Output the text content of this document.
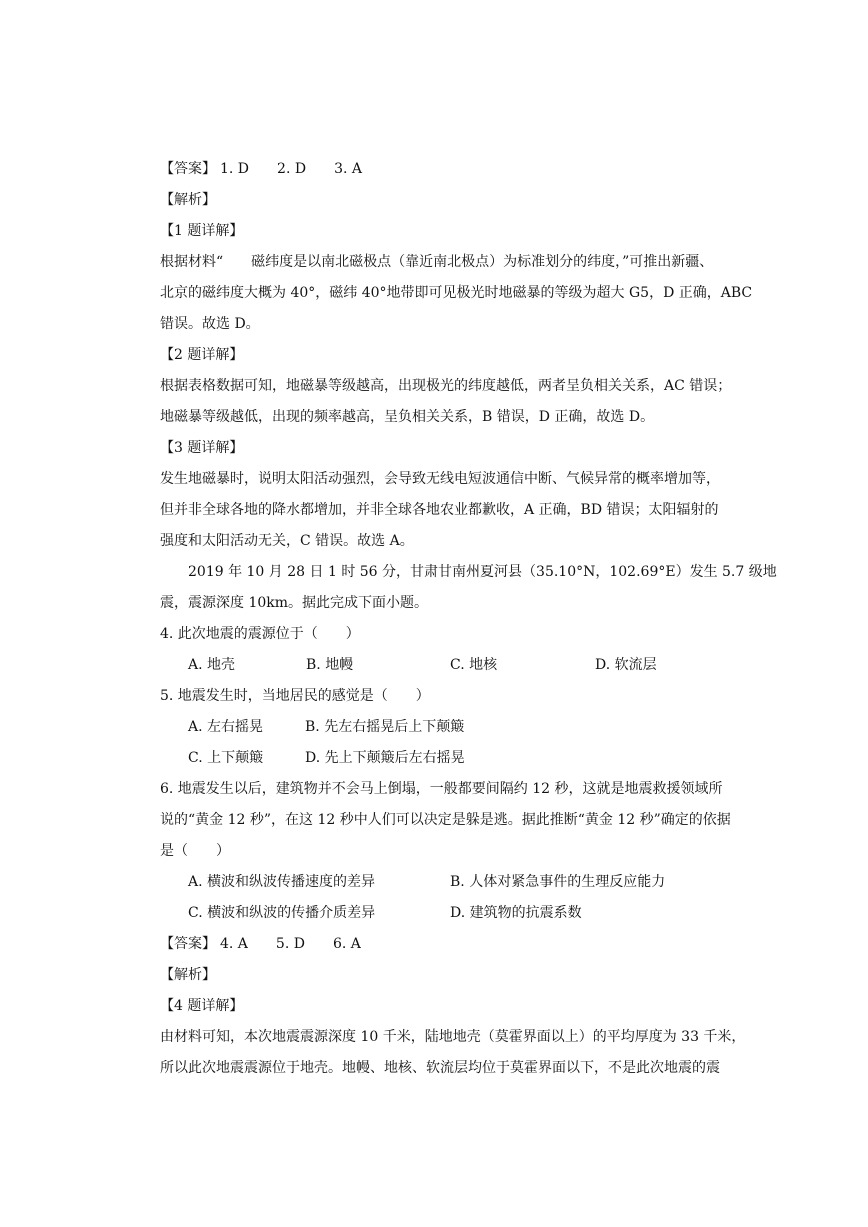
【答案】 1. D 2. D 3. A
【解析】
【1 题详解】
根据材料“　　磁纬度是以南北磁极点（靠近南北极点）为标准划分的纬度，”可推出新疆、
北京的磁纬度大概为 40°，磁纬 40°地带即可见极光时地磁暴的等级为超大 G5，D 正确，ABC
错误。故选 D。
【2 题详解】
根据表格数据可知，地磁暴等级越高，出现极光的纬度越低，两者呈负相关关系，AC 错误；
地磁暴等级越低，出现的频率越高，呈负相关关系，B 错误，D 正确，故选 D。
【3 题详解】
发生地磁暴时，说明太阳活动强烈，会导致无线电短波通信中断、气候异常的概率增加等，
但并非全球各地的降水都增加，并非全球各地农业都歉收，A 正确，BD 错误；太阳辐射的
强度和太阳活动无关，C 错误。故选 A。
2019 年 10 月 28 日 1 时 56 分，甘肃甘南州夏河县（35.10°N，102.69°E）发生 5.7 级地
震，震源深度 10km。据此完成下面小题。
4. 此次地震的震源位于（　　）
A. 地壳	B. 地幔	C. 地核	D. 软流层
5. 地震发生时，当地居民的感觉是（　　）
A. 左右摇晃	B. 先左右摇晃后上下颠簸
C. 上下颠簸	D. 先上下颠簸后左右摇晃
6. 地震发生以后，建筑物并不会马上倒塌，一般都要间隔约 12 秒，这就是地震救援领域所
说的“黄金 12 秒”，在这 12 秒中人们可以决定是躲是逃。据此推断“黄金 12 秒”确定的依据
是（　　）
A. 横波和纵波传播速度的差异	B. 人体对紧急事件的生理反应能力
C. 横波和纵波的传播介质差异	D. 建筑物的抗震系数
【答案】 4. A 5. D 6. A
【解析】
【4 题详解】
由材料可知，本次地震震源深度 10 千米，陆地地壳（莫霍界面以上）的平均厚度为 33 千米，
所以此次地震震源位于地壳。地幔、地核、软流层均位于莫霍界面以下，不是此次地震的震
